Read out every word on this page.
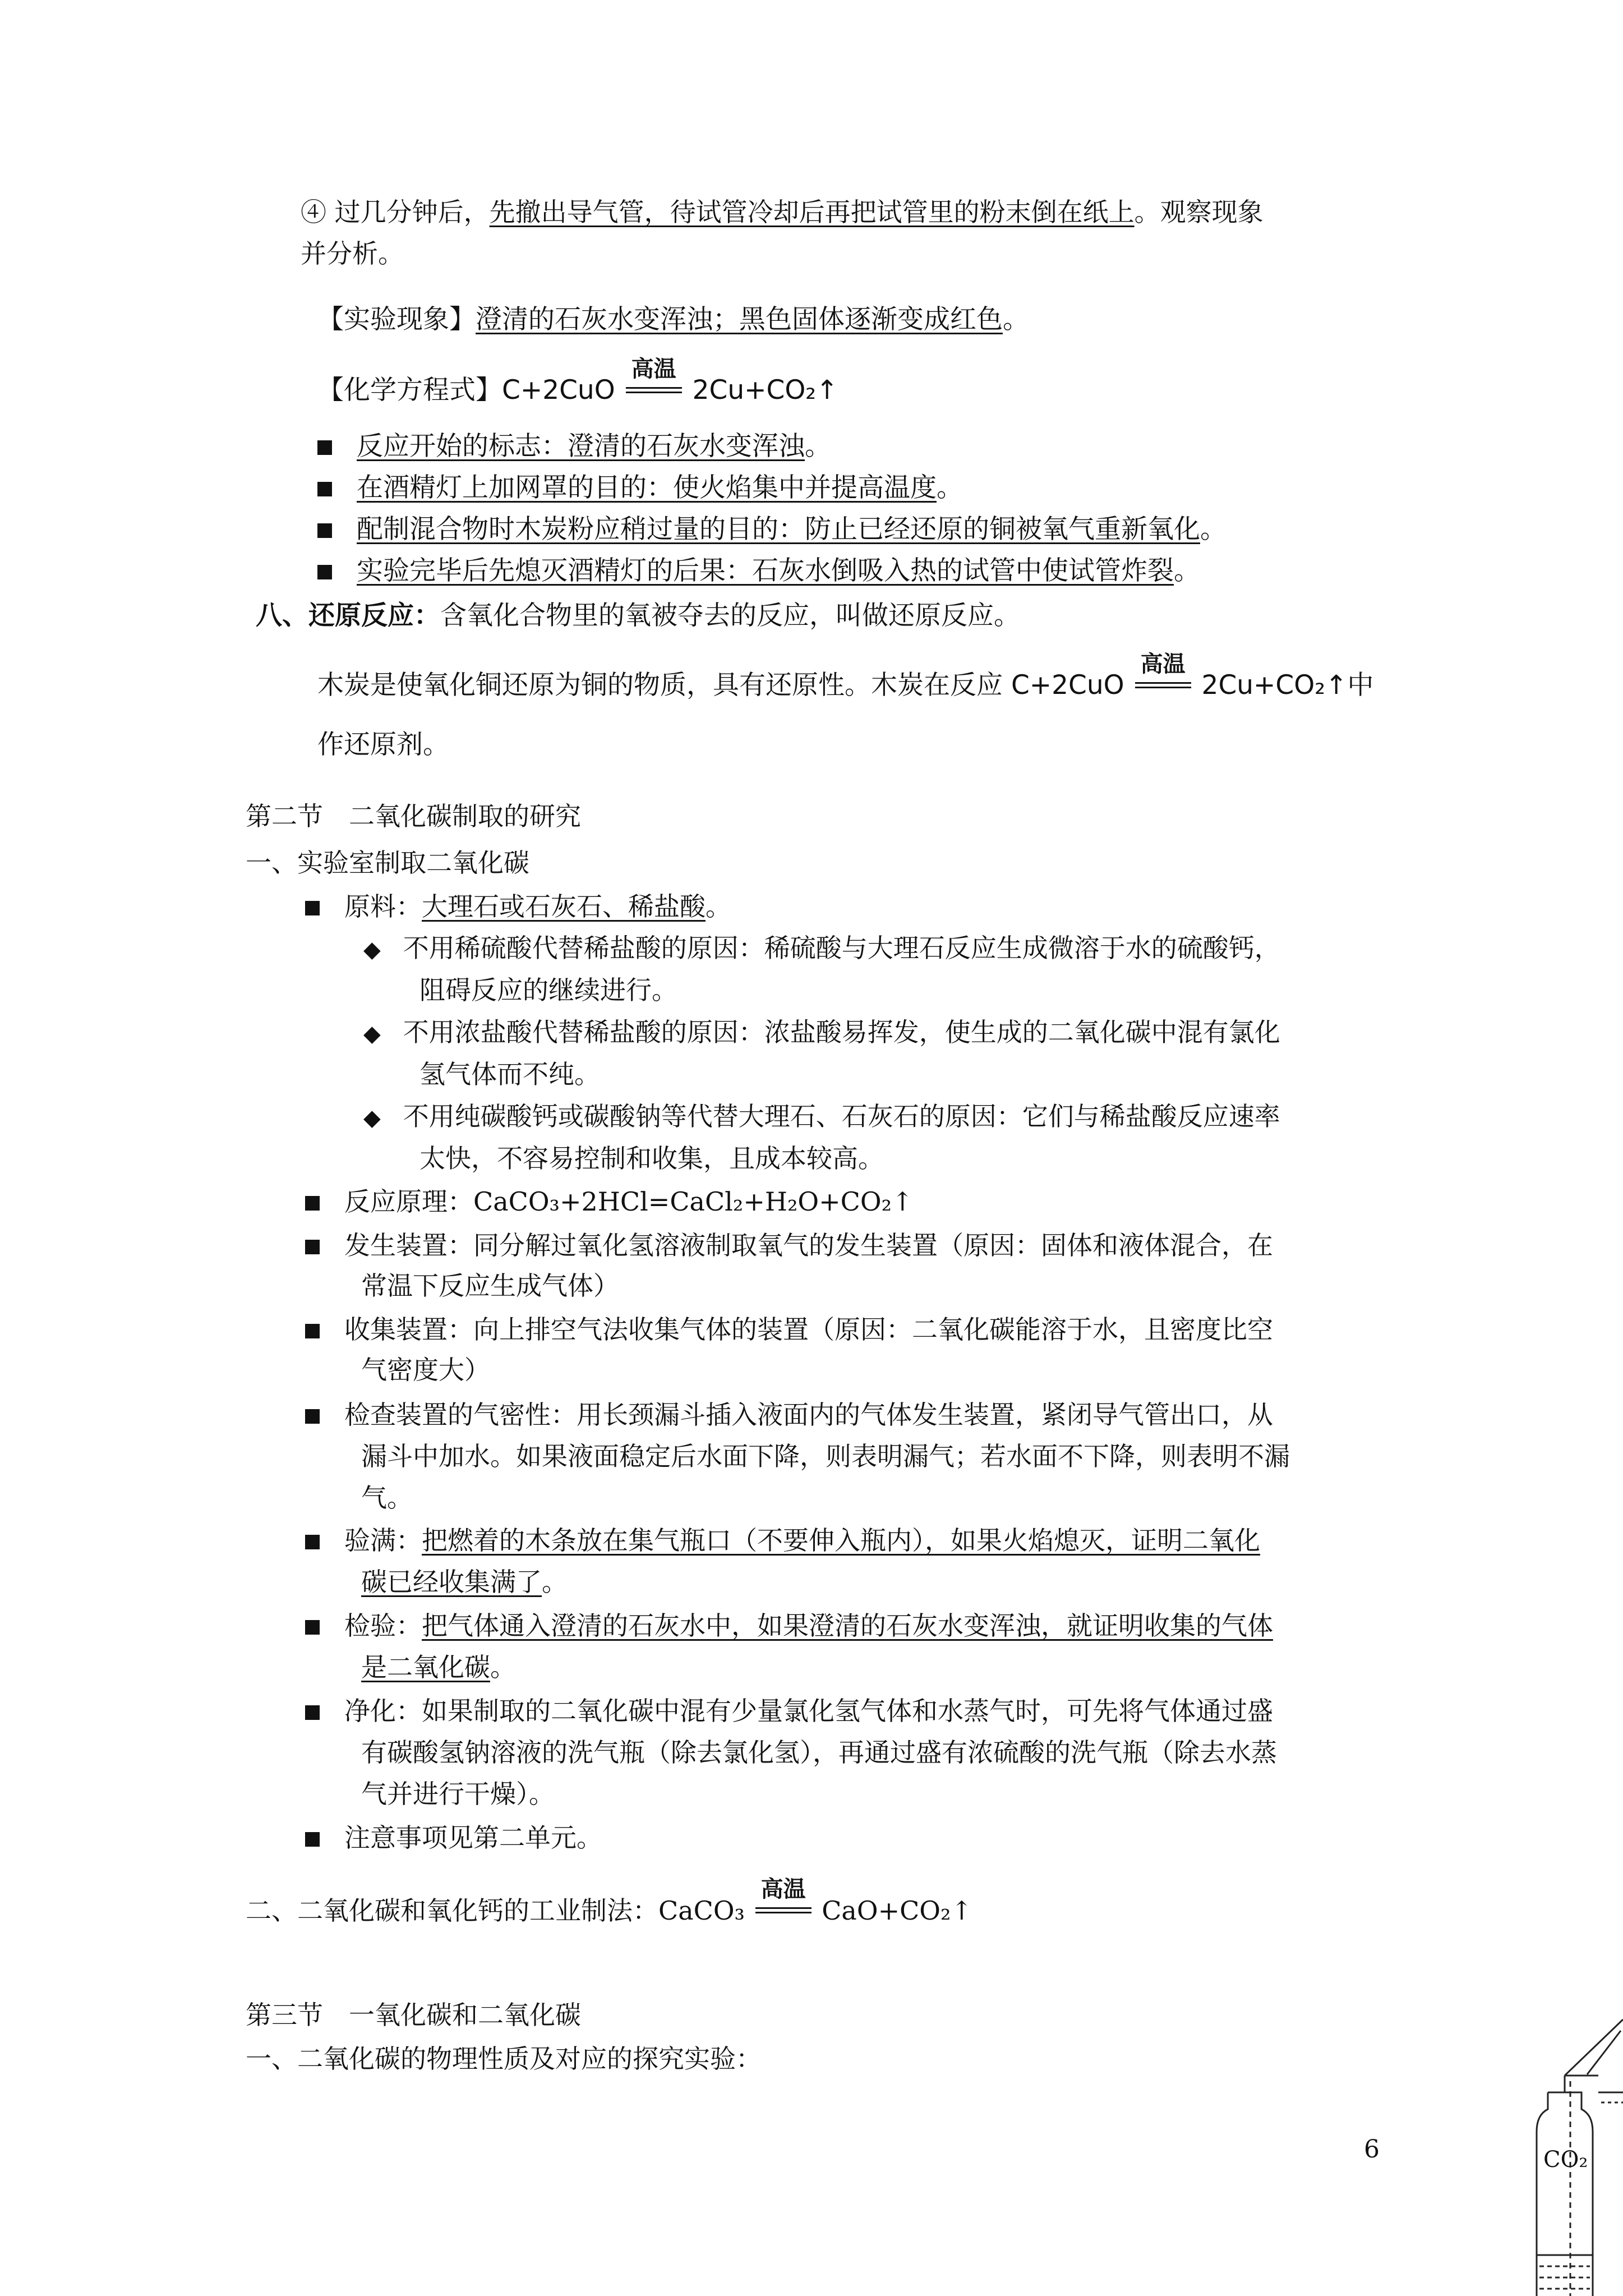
④ 过几分钟后，先撤出导气管，待试管冷却后再把试管里的粉末倒在纸上。观察现象
并分析。
【实验现象】澄清的石灰水变浑浊；黑色固体逐渐变成红色。
【化学方程式】C+2CuO
高温
2Cu+CO₂↑
反应开始的标志：澄清的石灰水变浑浊。
在酒精灯上加网罩的目的：使火焰集中并提高温度。
配制混合物时木炭粉应稍过量的目的：防止已经还原的铜被氧气重新氧化。
实验完毕后先熄灭酒精灯的后果：石灰水倒吸入热的试管中使试管炸裂。
八、还原反应：含氧化合物里的氧被夺去的反应，叫做还原反应。
木炭是使氧化铜还原为铜的物质，具有还原性。木炭在反应 C+2CuO
高温
2Cu+CO₂↑中
作还原剂。
第二节　二氧化碳制取的研究
一、实验室制取二氧化碳
原料：大理石或石灰石、稀盐酸。
◆ 不用稀硫酸代替稀盐酸的原因：稀硫酸与大理石反应生成微溶于水的硫酸钙，
阻碍反应的继续进行。
◆ 不用浓盐酸代替稀盐酸的原因：浓盐酸易挥发，使生成的二氧化碳中混有氯化
氢气体而不纯。
◆ 不用纯碳酸钙或碳酸钠等代替大理石、石灰石的原因：它们与稀盐酸反应速率
太快，不容易控制和收集，且成本较高。
反应原理：CaCO₃+2HCl=CaCl₂+H₂O+CO₂↑
发生装置：同分解过氧化氢溶液制取氧气的发生装置（原因：固体和液体混合，在
常温下反应生成气体）
收集装置：向上排空气法收集气体的装置（原因：二氧化碳能溶于水，且密度比空
气密度大）
检查装置的气密性：用长颈漏斗插入液面内的气体发生装置，紧闭导气管出口，从
漏斗中加水。如果液面稳定后水面下降，则表明漏气；若水面不下降，则表明不漏
气。
验满：把燃着的木条放在集气瓶口（不要伸入瓶内），如果火焰熄灭，证明二氧化
碳已经收集满了。
检验：把气体通入澄清的石灰水中，如果澄清的石灰水变浑浊，就证明收集的气体
是二氧化碳。
净化：如果制取的二氧化碳中混有少量氯化氢气体和水蒸气时，可先将气体通过盛
有碳酸氢钠溶液的洗气瓶（除去氯化氢），再通过盛有浓硫酸的洗气瓶（除去水蒸
气并进行干燥）。
注意事项见第二单元。
二、二氧化碳和氧化钙的工业制法：CaCO₃
高温
CaO+CO₂↑
第三节　一氧化碳和二氧化碳
一、二氧化碳的物理性质及对应的探究实验：
6	CO₂
